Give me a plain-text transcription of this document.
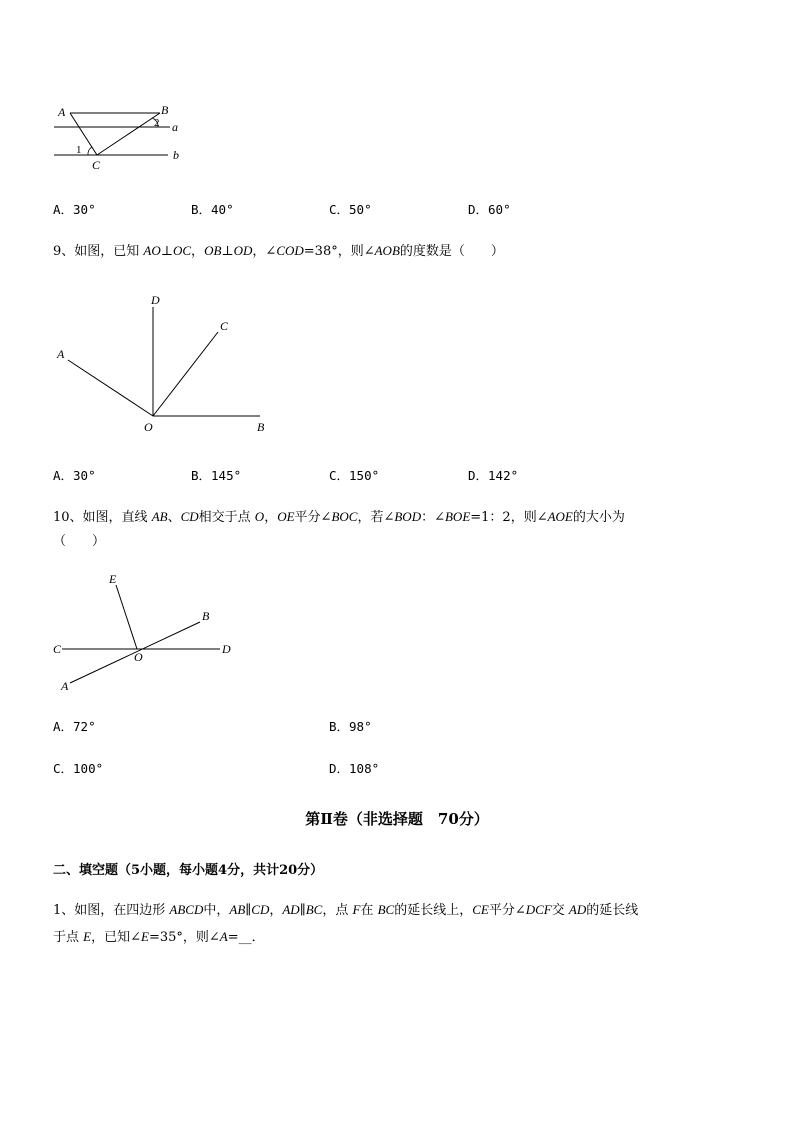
A	B
a
b
C
1
2
A．30°	B．40°	C．50°	D．60°
9、如图，已知 AO⊥OC，OB⊥OD，∠COD=38°，则∠AOB的度数是（　　）
D
C
A
O	B
A．30°	B．145°	C．150°	D．142°
10、如图，直线 AB、CD相交于点 O，OE平分∠BOC，若∠BOD：∠BOE=1：2，则∠AOE的大小为
（　　）
E
B
C
O
D
A
A．72°	B．98°
C．100°	D．108°
第Ⅱ卷（非选择题　70分）
二、填空题（5小题，每小题4分，共计20分）
1、如图，在四边形 ABCD中，AB∥CD，AD∥BC，点 F在 BC的延长线上，CE平分∠DCF交 AD的延长线
于点 E，已知∠E=35°，则∠A=__．
